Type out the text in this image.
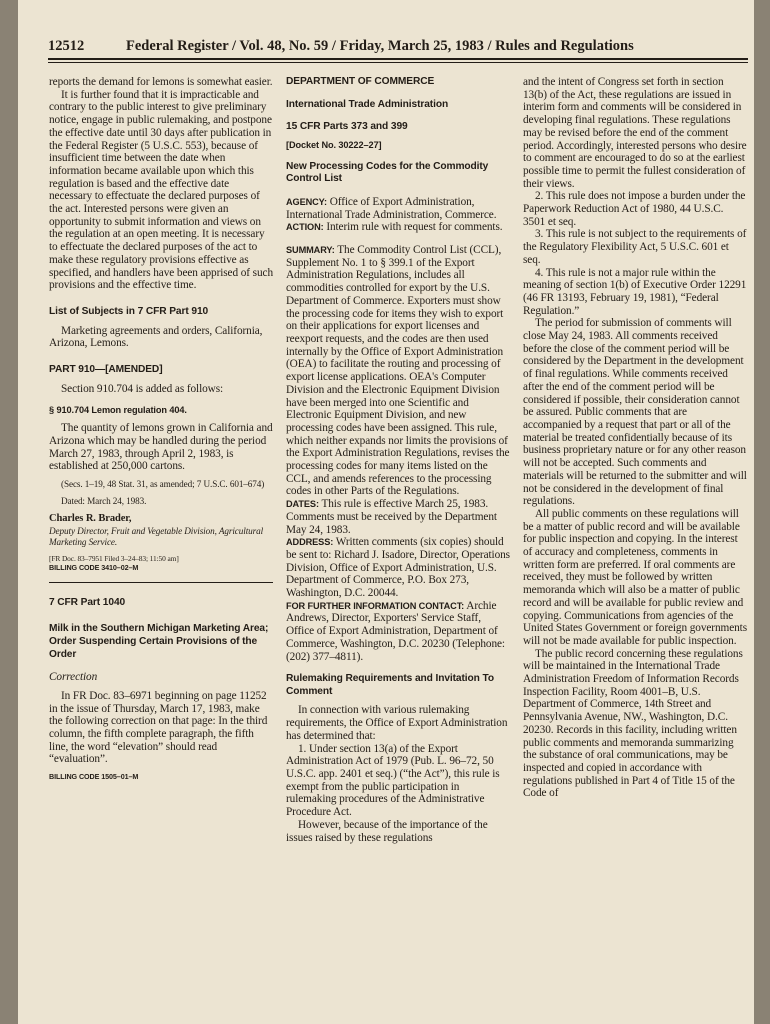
12512	Federal Register / Vol. 48, No. 59 / Friday, March 25, 1983 / Rules and Regulations

reports the demand for lemons is somewhat easier.

It is further found that it is impracticable and contrary to the public interest to give preliminary notice, engage in public rulemaking, and postpone the effective date until 30 days after publication in the Federal Register (5 U.S.C. 553), because of insufficient time between the date when information became available upon which this regulation is based and the effective date necessary to effectuate the declared purposes of the act. Interested persons were given an opportunity to submit information and views on the regulation at an open meeting. It is necessary to effectuate the declared purposes of the act to make these regulatory provisions effective as specified, and handlers have been apprised of such provisions and the effective time.

List of Subjects in 7 CFR Part 910

Marketing agreements and orders, California, Arizona, Lemons.

PART 910—[AMENDED]

Section 910.704 is added as follows:

§ 910.704 Lemon regulation 404.

The quantity of lemons grown in California and Arizona which may be handled during the period March 27, 1983, through April 2, 1983, is established at 250,000 cartons.

(Secs. 1–19, 48 Stat. 31, as amended; 7 U.S.C. 601–674)

Dated: March 24, 1983.

Charles R. Brader,

Deputy Director, Fruit and Vegetable Division, Agricultural Marketing Service.

[FR Doc. 83–7951 Filed 3–24–83; 11:50 am]

BILLING CODE 3410–02–M

7 CFR Part 1040

Milk in the Southern Michigan Marketing Area; Order Suspending Certain Provisions of the Order

Correction

In FR Doc. 83–6971 beginning on page 11252 in the issue of Thursday, March 17, 1983, make the following correction on that page: In the third column, the fifth complete paragraph, the fifth line, the word “elevation” should read “evaluation”.

BILLING CODE 1505–01–M

DEPARTMENT OF COMMERCE

International Trade Administration

15 CFR Parts 373 and 399

[Docket No. 30222–27]

New Processing Codes for the Commodity Control List

AGENCY: Office of Export Administration, International Trade Administration, Commerce.

ACTION: Interim rule with request for comments.

SUMMARY: The Commodity Control List (CCL), Supplement No. 1 to § 399.1 of the Export Administration Regulations, includes all commodities controlled for export by the U.S. Department of Commerce. Exporters must show the processing code for items they wish to export on their applications for export licenses and reexport requests, and the codes are then used internally by the Office of Export Administration (OEA) to facilitate the routing and processing of export license applications. OEA's Computer Division and the Electronic Equipment Division have been merged into one Scientific and Electronic Equipment Division, and new processing codes have been assigned. This rule, which neither expands nor limits the provisions of the Export Administration Regulations, revises the processing codes for many items listed on the CCL, and amends references to the processing codes in other Parts of the Regulations.

DATES: This rule is effective March 25, 1983. Comments must be received by the Department May 24, 1983.

ADDRESS: Written comments (six copies) should be sent to: Richard J. Isadore, Director, Operations Division, Office of Export Administration, U.S. Department of Commerce, P.O. Box 273, Washington, D.C. 20044.

FOR FURTHER INFORMATION CONTACT: Archie Andrews, Director, Exporters' Service Staff, Office of Export Administration, Department of Commerce, Washington, D.C. 20230 (Telephone: (202) 377–4811).

Rulemaking Requirements and Invitation To Comment

In connection with various rulemaking requirements, the Office of Export Administration has determined that:

1. Under section 13(a) of the Export Administration Act of 1979 (Pub. L. 96–72, 50 U.S.C. app. 2401 et seq.) (“the Act”), this rule is exempt from the public participation in rulemaking procedures of the Administrative Procedure Act.

However, because of the importance of the issues raised by these regulations

and the intent of Congress set forth in section 13(b) of the Act, these regulations are issued in interim form and comments will be considered in developing final regulations. These regulations may be revised before the end of the comment period. Accordingly, interested persons who desire to comment are encouraged to do so at the earliest possible time to permit the fullest consideration of their views.

2. This rule does not impose a burden under the Paperwork Reduction Act of 1980, 44 U.S.C. 3501 et seq.

3. This rule is not subject to the requirements of the Regulatory Flexibility Act, 5 U.S.C. 601 et seq.

4. This rule is not a major rule within the meaning of section 1(b) of Executive Order 12291 (46 FR 13193, February 19, 1981), “Federal Regulation.”

The period for submission of comments will close May 24, 1983. All comments received before the close of the comment period will be considered by the Department in the development of final regulations. While comments received after the end of the comment period will be considered if possible, their consideration cannot be assured. Public comments that are accompanied by a request that part or all of the material be treated confidentially because of its business proprietary nature or for any other reason will not be accepted. Such comments and materials will be returned to the submitter and will not be considered in the development of final regulations.

All public comments on these regulations will be a matter of public record and will be available for public inspection and copying. In the interest of accuracy and completeness, comments in written form are preferred. If oral comments are received, they must be followed by written memoranda which will also be a matter of public record and will be available for public review and copying. Communications from agencies of the United States Government or foreign governments will not be made available for public inspection.

The public record concerning these regulations will be maintained in the International Trade Administration Freedom of Information Records Inspection Facility, Room 4001–B, U.S. Department of Commerce, 14th Street and Pennsylvania Avenue, NW., Washington, D.C. 20230. Records in this facility, including written public comments and memoranda summarizing the substance of oral communications, may be inspected and copied in accordance with regulations published in Part 4 of Title 15 of the Code of
